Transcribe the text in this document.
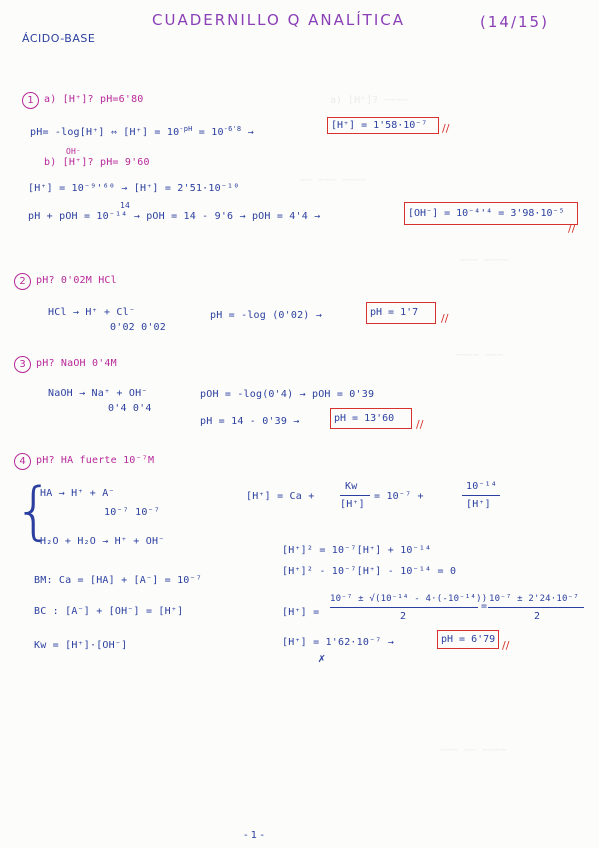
a) [H⁺]? ~~~~
~~ ~~~ ~~~~
~~~ ~~~~
~~~~ ~~~
~~~ ~~ ~~~~
ÁCIDO-BASE
CUADERNILLO Q ANALÍTICA	(14/15)
1	a) [H⁺]? pH=6'80
pH= -log[H⁺] ⇔ $[H^+] = 10^{-pH} = 10^{-6'8}$ →
[H⁺] = 1'58·10⁻⁷	//
OH⁻
b) [H⁺]? pH= 9'60
[H⁺] = 10⁻⁹'⁶⁰ → [H⁺] = 2'51·10⁻¹⁰
14
pH + pOH = 10⁻¹⁴ → pOH = 14 - 9'6 → pOH = 4'4 →	[OH⁻] = 10⁻⁴'⁴ = 3'98·10⁻⁵
//
2	pH? 0'02M HCl
HCl → H⁺ + Cl⁻
0'02 0'02
pH = -log (0'02) →	pH = 1'7	//
3	pH? NaOH 0'4M
NaOH → Na⁺ + OH⁻
0'4 0'4
pOH = -log(0'4) → pOH = 0'39
pH = 14 - 0'39 →	pH = 13'60	//
4	pH? HA fuerte 10⁻⁷M
{
HA → H⁺ + A⁻
10⁻⁷ 10⁻⁷
H₂O + H₂O → H⁺ + OH⁻
[H⁺] = Ca +
Kw
[H⁺]
= 10⁻⁷ +
10⁻¹⁴
[H⁺]
[H⁺]² = 10⁻⁷[H⁺] + 10⁻¹⁴
[H⁺]² - 10⁻⁷[H⁺] - 10⁻¹⁴ = 0
[H⁺] =
10⁻⁷ ± √(10⁻¹⁴ - 4·(-10⁻¹⁴))
2
=
10⁻⁷ ± 2'24·10⁻⁷
2
[H⁺] = 1'62·10⁻⁷ →
✗
pH = 6'79 //
BM: Ca = [HA] + [A⁻] = 10⁻⁷
BC : [A⁻] + [OH⁻] = [H⁺]
Kw = [H⁺]·[OH⁻]
- 1 -
